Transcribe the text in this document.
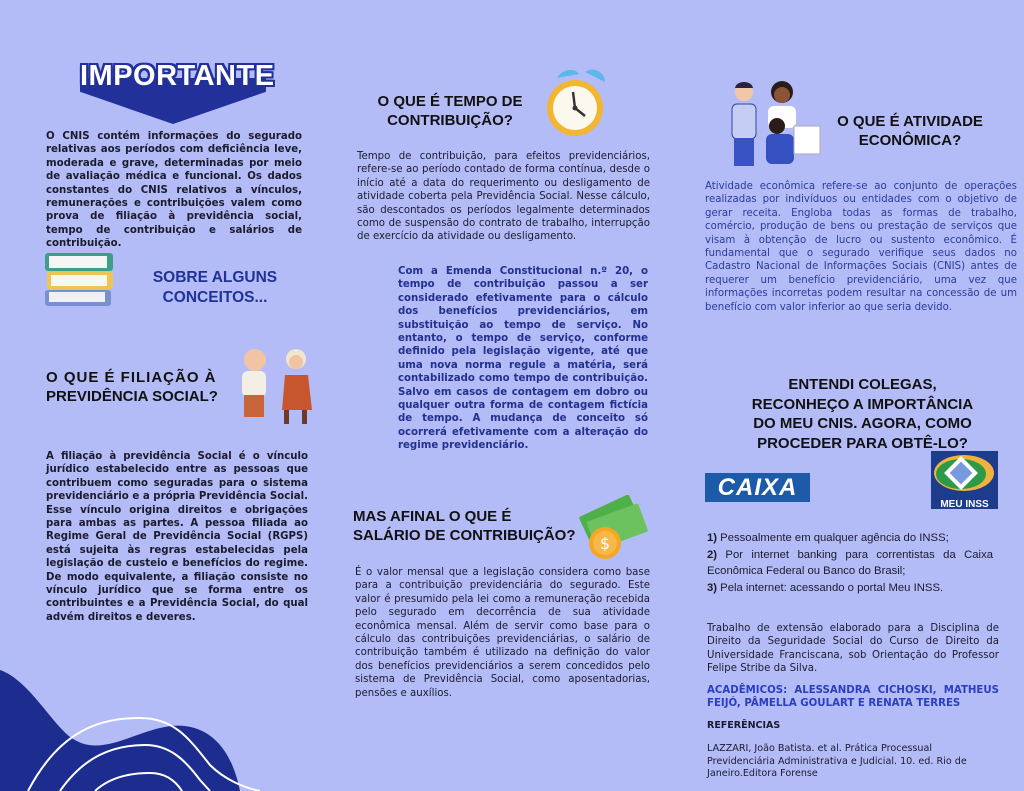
IMPORTANTE

O CNIS contém informações do segurado relativas aos períodos com deficiência leve, moderada e grave, determinadas por meio de avaliação médica e funcional. Os dados constantes do CNIS relativos a vínculos, remunerações e contribuições valem como prova de filiação à previdência social, tempo de contribuição e salários de contribuição.

SOBRE ALGUNS
CONCEITOS...
O QUE É FILIAÇÃO À
PREVIDÊNCIA SOCIAL?

A filiação à previdência Social é o vínculo jurídico estabelecido entre as pessoas que contribuem como seguradas para o sistema previdenciário e a própria Previdência Social. Esse vínculo origina direitos e obrigações para ambas as partes. A pessoa filiada ao Regime Geral de Previdência Social (RGPS) está sujeita às regras estabelecidas pela legislação de custeio e benefícios do regime. De modo equivalente, a filiação consiste no vínculo jurídico que se forma entre os contribuintes e a Previdência Social, do qual advém direitos e deveres.

O QUE É TEMPO DE
CONTRIBUIÇÃO?

Tempo de contribuição, para efeitos previdenciários, refere-se ao período contado de forma contínua, desde o início até a data do requerimento ou desligamento de atividade coberta pela Previdência Social. Nesse cálculo, são descontados os períodos legalmente determinados como de suspensão do contrato de trabalho, interrupção de exercício da atividade ou desligamento.

Com a Emenda Constitucional n.º 20, o tempo de contribuição passou a ser considerado efetivamente para o cálculo dos benefícios previdenciários, em substituição ao tempo de serviço. No entanto, o tempo de serviço, conforme definido pela legislação vigente, até que uma nova norma regule a matéria, será contabilizado como tempo de contribuição. Salvo em casos de contagem em dobro ou qualquer outra forma de contagem fictícia de tempo. A mudança de conceito só ocorrerá efetivamente com a alteração do regime previdenciário.

MAS AFINAL O QUE É
SALÁRIO DE CONTRIBUIÇÃO?	$

É o valor mensal que a legislação considera como base para a contribuição previdenciária do segurado. Este valor é presumido pela lei como a remuneração recebida pelo segurado em decorrência de sua atividade econômica mensal. Além de servir como base para o cálculo das contribuições previdenciárias, o salário de contribuição também é utilizado na definição do valor dos benefícios previdenciários a serem concedidos pelo sistema de Previdência Social, como aposentadorias, pensões e auxílios.

O QUE É ATIVIDADE
ECONÔMICA?

Atividade econômica refere-se ao conjunto de operações realizadas por indivíduos ou entidades com o objetivo de gerar receita. Engloba todas as formas de trabalho, comércio, produção de bens ou prestação de serviços que visam à obtenção de lucro ou sustento econômico. É fundamental que o segurado verifique seus dados no Cadastro Nacional de Informações Sociais (CNIS) antes de requerer um benefício previdenciário, uma vez que informações incorretas podem resultar na concessão de um benefício com valor inferior ao que seria devido.

ENTENDI COLEGAS,
RECONHEÇO A IMPORTÂNCIA
DO MEU CNIS. AGORA, COMO
PROCEDER PARA OBTÊ-LO?
CAIXA
MEU INSS
1) Pessoalmente em qualquer agência do INSS;
2) Por internet banking para correntistas da Caixa Econômica Federal ou Banco do Brasil;
3) Pela internet: acessando o portal Meu INSS.

Trabalho de extensão elaborado para a Disciplina de Direito da Seguridade Social do Curso de Direito da Universidade Franciscana, sob Orientação do Professor Felipe Stribe da Silva.

ACADÊMICOS: ALESSANDRA CICHOSKI, MATHEUS FEIJÓ, PÂMELLA GOULART E RENATA TERRES

REFERÊNCIAS

LAZZARI, João Batista. et al. Prática Processual Previdenciária Administrativa e Judicial. 10. ed. Rio de Janeiro.Editora Forense
